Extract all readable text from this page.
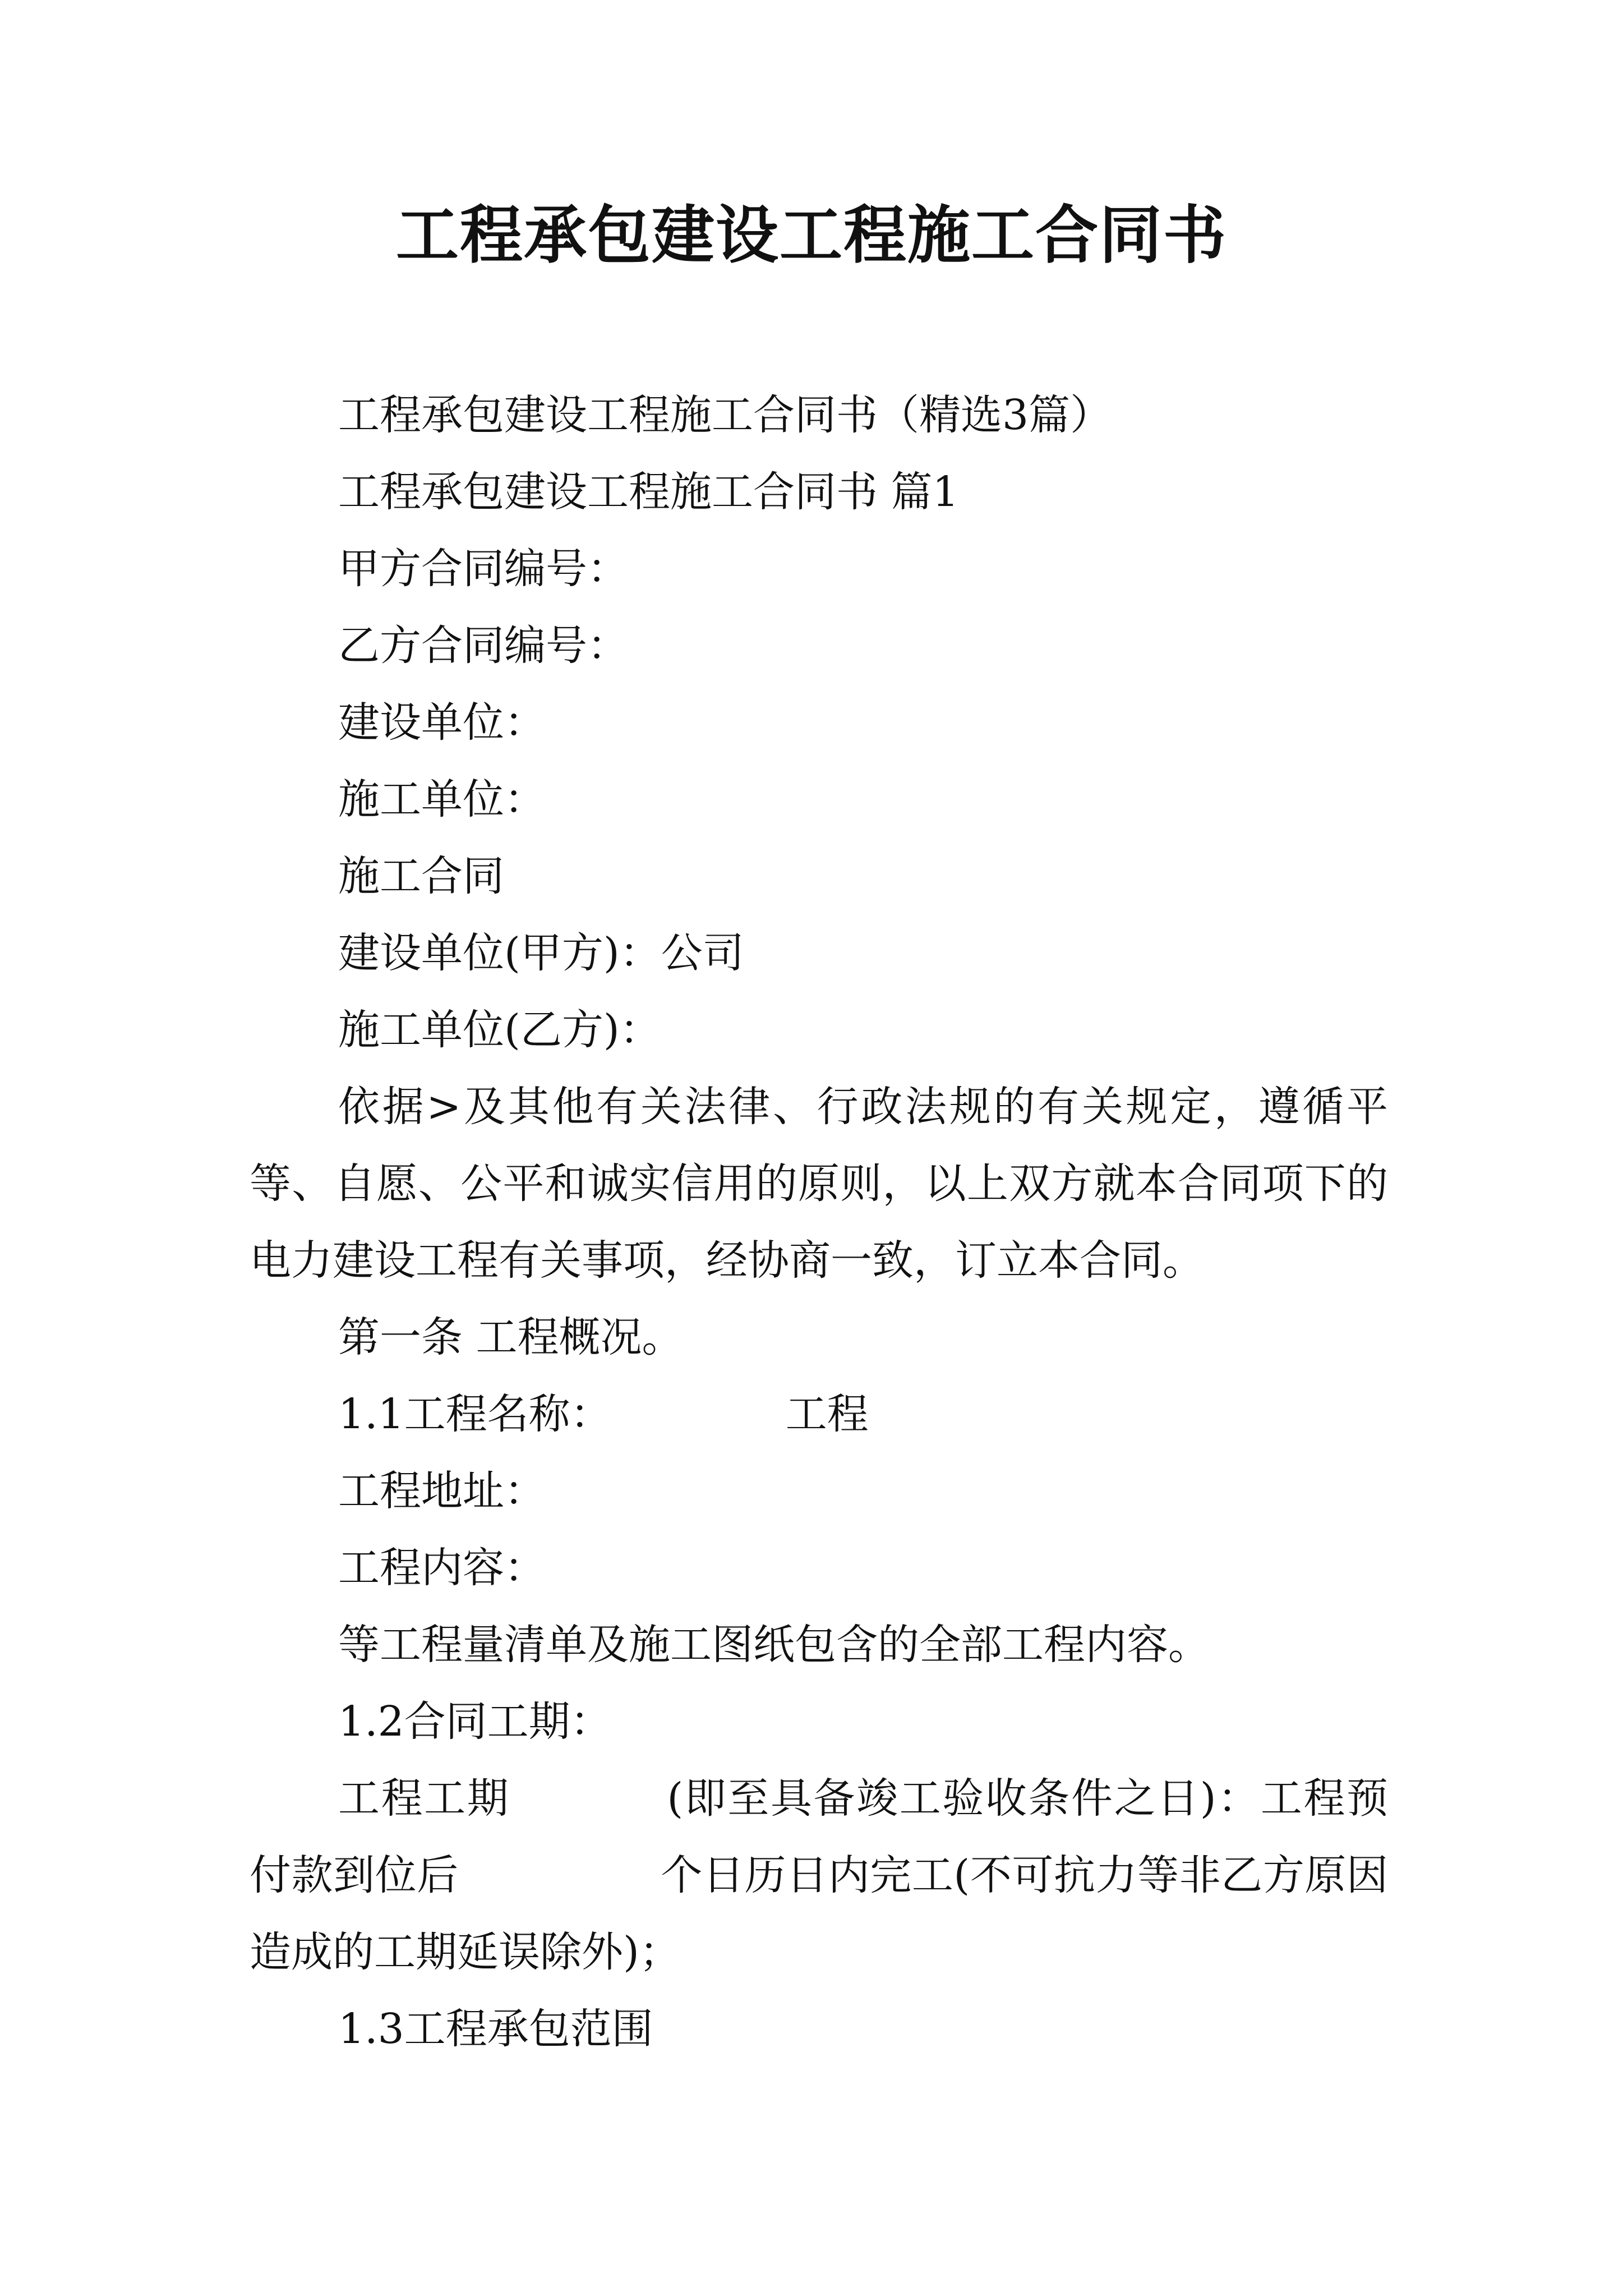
工程承包建设工程施工合同书

工程承包建设工程施工合同书（精选3篇）

工程承包建设工程施工合同书 篇1

甲方合同编号：

乙方合同编号：

建设单位：

施工单位：

施工合同

建设单位(甲方)：公司

施工单位(乙方)：

依据>及其他有关法律、行政法规的有关规定，遵循平等、自愿、公平和诚实信用的原则，以上双方就本合同项下的电力建设工程有关事项，经协商一致，订立本合同。

第一条 工程概况。

1.1工程名称：	工程

工程地址：

工程内容：

等工程量清单及施工图纸包含的全部工程内容。

1.2合同工期：

工程工期	(即至具备竣工验收条件之日)：工程预付款到位后	个日历日内完工(不可抗力等非乙方原因造成的工期延误除外)；

1.3工程承包范围
